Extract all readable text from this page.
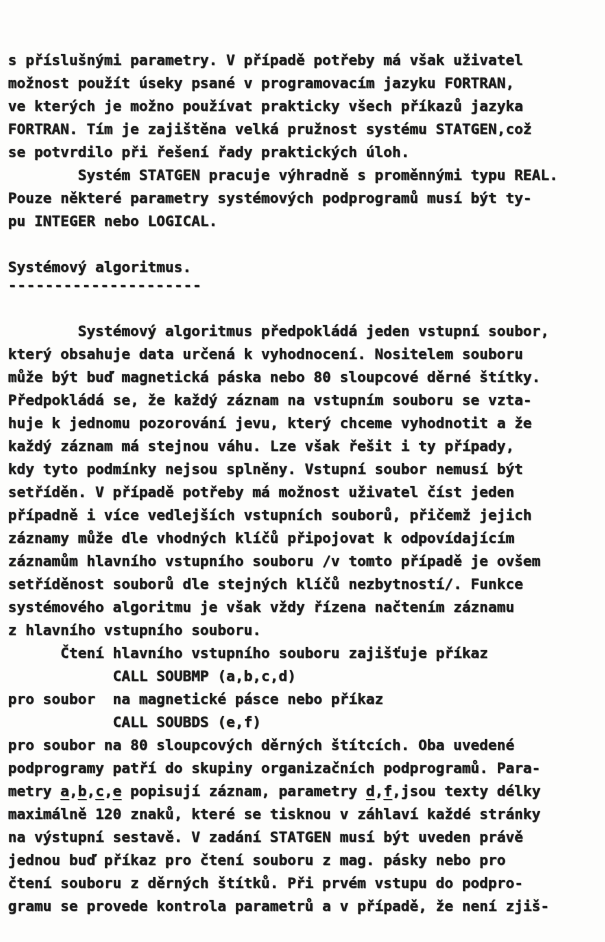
s příslušnými parametry. V případě potřeby má však uživatel
možnost použít úseky psané v programovacím jazyku FORTRAN,
ve kterých je možno používat prakticky všech příkazů jazyka
FORTRAN. Tím je zajištěna velká pružnost systému STATGEN,což
se potvrdilo při řešení řady praktických úloh.
Systém STATGEN pracuje výhradně s proměnnými typu REAL.
Pouze některé parametry systémových podprogramů musí být ty-
pu INTEGER nebo LOGICAL.

Systémový algoritmus.
---------------------

Systémový algoritmus předpokládá jeden vstupní soubor,
který obsahuje data určená k vyhodnocení. Nositelem souboru
může být buď magnetická páska nebo 80 sloupcové děrné štítky.
Předpokládá se, že každý záznam na vstupním souboru se vzta-
huje k jednomu pozorování jevu, který chceme vyhodnotit a že
každý záznam má stejnou váhu. Lze však řešit i ty případy,
kdy tyto podmínky nejsou splněny. Vstupní soubor nemusí být
setříděn. V případě potřeby má možnost uživatel číst jeden
případně i více vedlejších vstupních souborů, přičemž jejich
záznamy může dle vhodných klíčů připojovat k odpovídajícím
záznamům hlavního vstupního souboru /v tomto případě je ovšem
setříděnost souborů dle stejných klíčů nezbytností/. Funkce
systémového algoritmu je však vždy řízena načtením záznamu
z hlavního vstupního souboru.
Čtení hlavního vstupního souboru zajišťuje příkaz
CALL SOUBMP (a,b,c,d)
pro soubor  na magnetické pásce nebo příkaz
CALL SOUBDS (e,f)
pro soubor na 80 sloupcových děrných štítcích. Oba uvedené
podprogramy patří do skupiny organizačních podprogramů. Para-
metry a,b,c,e popisují záznam, parametry d,f,jsou texty délky
maximálně 120 znaků, které se tisknou v záhlaví každé stránky
na výstupní sestavě. V zadání STATGEN musí být uveden právě
jednou buď příkaz pro čtení souboru z mag. pásky nebo pro
čtení souboru z děrných štítků. Při prvém vstupu do podpro-
gramu se provede kontrola parametrů a v případě, že není zjiš-
